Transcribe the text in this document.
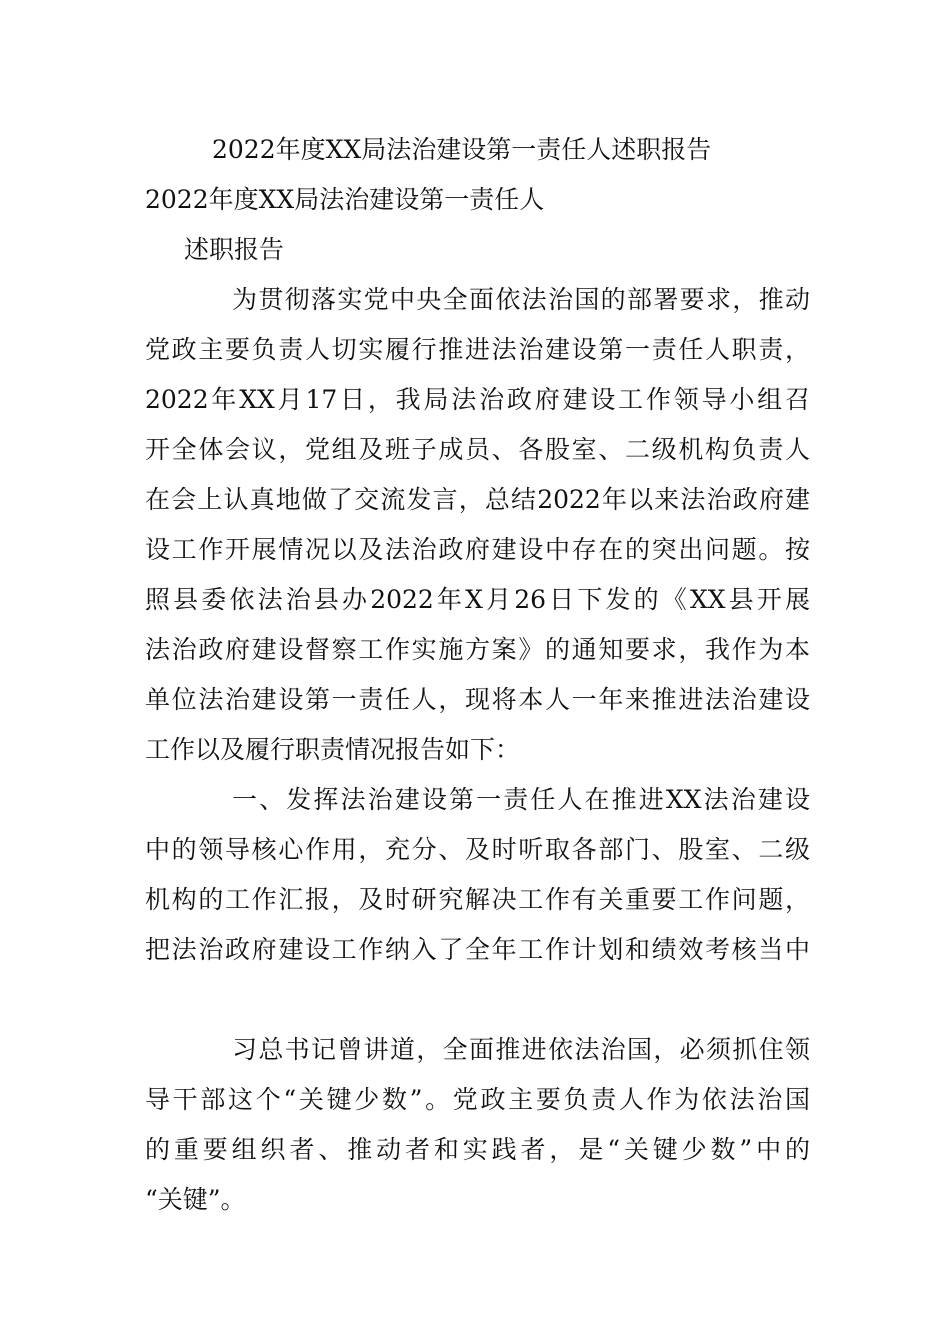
2022年度XX局法治建设第一责任人述职报告
2022年度XX局法治建设第一责任人
述职报告
为贯彻落实党中央全面依法治国的部署要求，推动
党政主要负责人切实履行推进法治建设第一责任人职责，
2022年XX月17日，我局法治政府建设工作领导小组召
开全体会议，党组及班子成员、各股室、二级机构负责人
在会上认真地做了交流发言，总结2022年以来法治政府建
设工作开展情况以及法治政府建设中存在的突出问题。按
照县委依法治县办2022年X月26日下发的《XX县开展
法治政府建设督察工作实施方案》的通知要求，我作为本
单位法治建设第一责任人，现将本人一年来推进法治建设
工作以及履行职责情况报告如下：
一、发挥法治建设第一责任人在推进XX法治建设
中的领导核心作用，充分、及时听取各部门、股室、二级
机构的工作汇报，及时研究解决工作有关重要工作问题，
把法治政府建设工作纳入了全年工作计划和绩效考核当中
习总书记曾讲道，全面推进依法治国，必须抓住领
导干部这个“关键少数”。党政主要负责人作为依法治国
的重要组织者、推动者和实践者，是“关键少数”中的
“关键”。
